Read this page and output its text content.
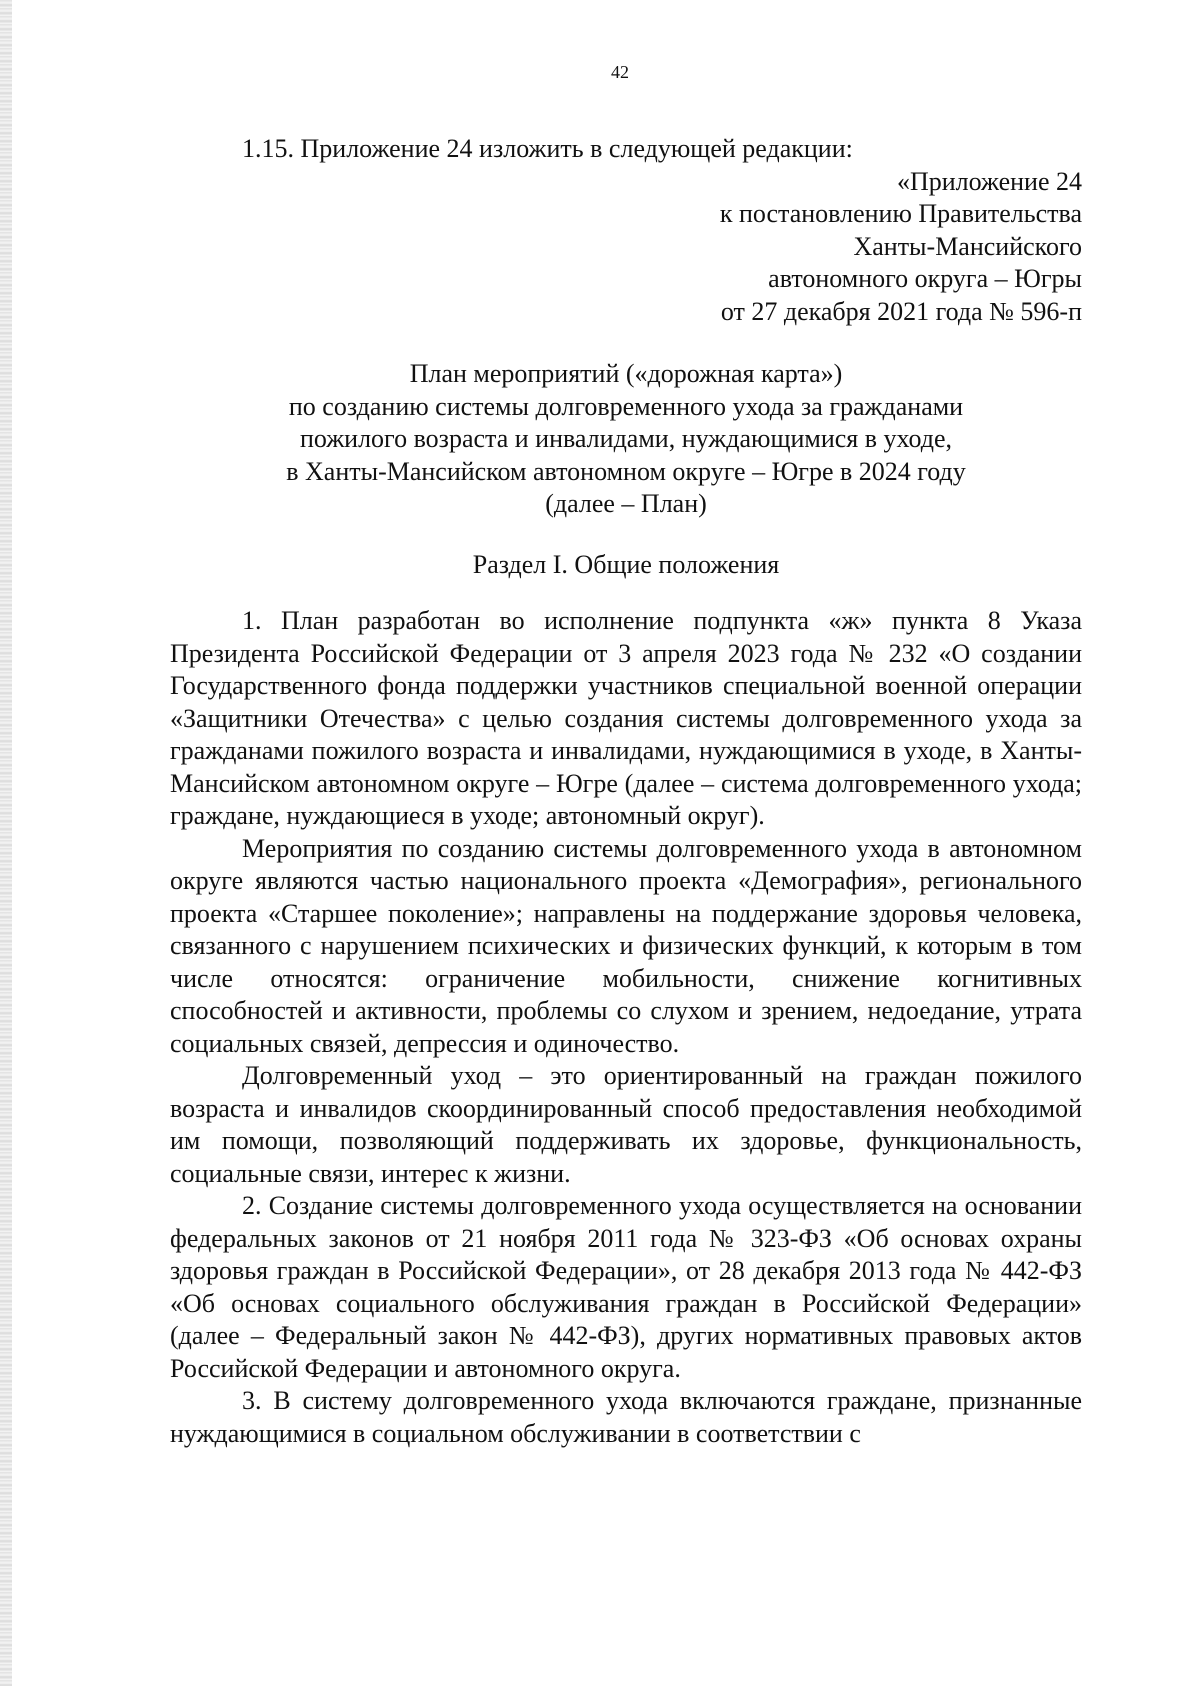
42

1.15. Приложение 24 изложить в следующей редакции:

«Приложение 24

к постановлению Правительства

Ханты-Мансийского

автономного округа – Югры

от 27 декабря 2021 года № 596-п

План мероприятий («дорожная карта»)
по созданию системы долговременного ухода за гражданами
пожилого возраста и инвалидами, нуждающимися в уходе,
в Ханты-Мансийском автономном округе – Югре в 2024 году
(далее – План)
Раздел I. Общие положения

1. План разработан во исполнение подпункта «ж» пункта 8 Указа Президента Российской Федерации от 3 апреля 2023 года № 232 «О создании Государственного фонда поддержки участников специальной военной операции «Защитники Отечества» с целью создания системы долговременного ухода за гражданами пожилого возраста и инвалидами, нуждающимися в уходе, в Ханты-Мансийском автономном округе – Югре (далее – система долговременного ухода; граждане, нуждающиеся в уходе; автономный округ).

Мероприятия по созданию системы долговременного ухода в автономном округе являются частью национального проекта «Демография», регионального проекта «Старшее поколение»; направлены на поддержание здоровья человека, связанного с нарушением психических и физических функций, к которым в том числе относятся: ограничение мобильности, снижение когнитивных способностей и активности, проблемы со слухом и зрением, недоедание, утрата социальных связей, депрессия и одиночество.

Долговременный уход – это ориентированный на граждан пожилого возраста и инвалидов скоординированный способ предоставления необходимой им помощи, позволяющий поддерживать их здоровье, функциональность, социальные связи, интерес к жизни.

2. Создание системы долговременного ухода осуществляется на основании федеральных законов от 21 ноября 2011 года № 323-ФЗ «Об основах охраны здоровья граждан в Российской Федерации», от 28 декабря 2013 года № 442-ФЗ «Об основах социального обслуживания граждан в Российской Федерации» (далее – Федеральный закон № 442-ФЗ), других нормативных правовых актов Российской Федерации и автономного округа.

3. В систему долговременного ухода включаются граждане, признанные нуждающимися в социальном обслуживании в соответствии с
